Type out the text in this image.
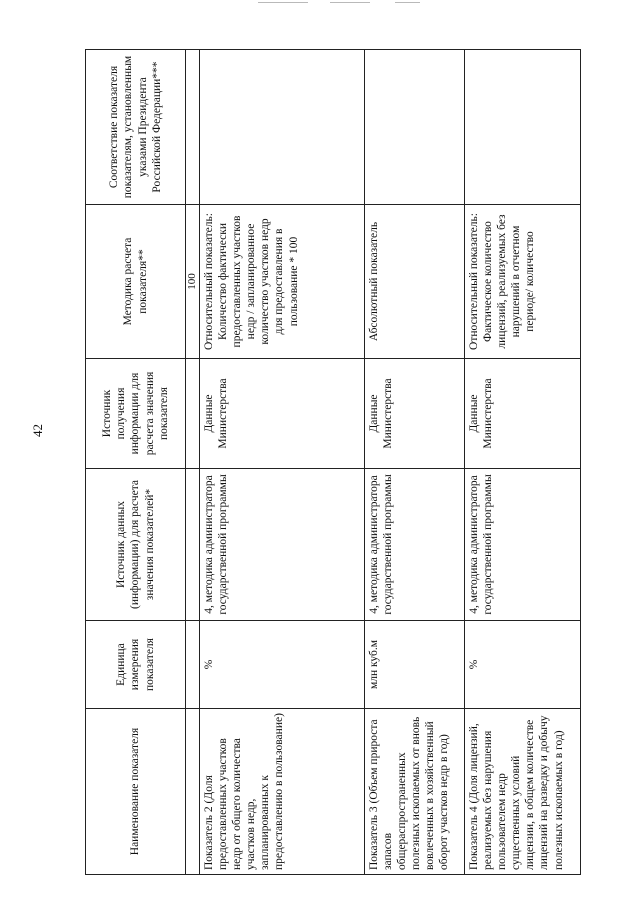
42
Наименование показателя	Единица измерения показателя	Источник данных (информации) для расчета значения показателей*	Источник получения информации для расчета значения показателя	Методика расчета показателя**	Соответствие показателя показателям, установленным указами Президента Российской Федерации***
				100	
Показатель 2 (Доля предоставленных участков недр от общего количества участков недр, запланированных к предоставлению в пользование)	%	4, методика администратора государственной программы	Данные Министерства	Относительный показатель: Количество фактически предоставленных участков недр / запланированное количество участков недр для предоставления в пользование * 100	
Показатель 3 (Объем прироста запасов общераспространенных полезных ископаемых от вновь вовлеченных в хозяйственный оборот участков недр в год)	млн куб.м	4, методика администратора государственной программы	Данные Министерства	Абсолютный показатель	
Показатель 4 (Доля лицензий, реализуемых без нарушения пользователем недр существенных условий лицензии, в общем количестве лицензий на разведку и добычу полезных ископаемых в год)	%	4, методика администратора государственной программы	Данные Министерства	Относительный показатель: Фактическое количество лицензий, реализуемых без нарушений в отчетном периоде/ количество	
